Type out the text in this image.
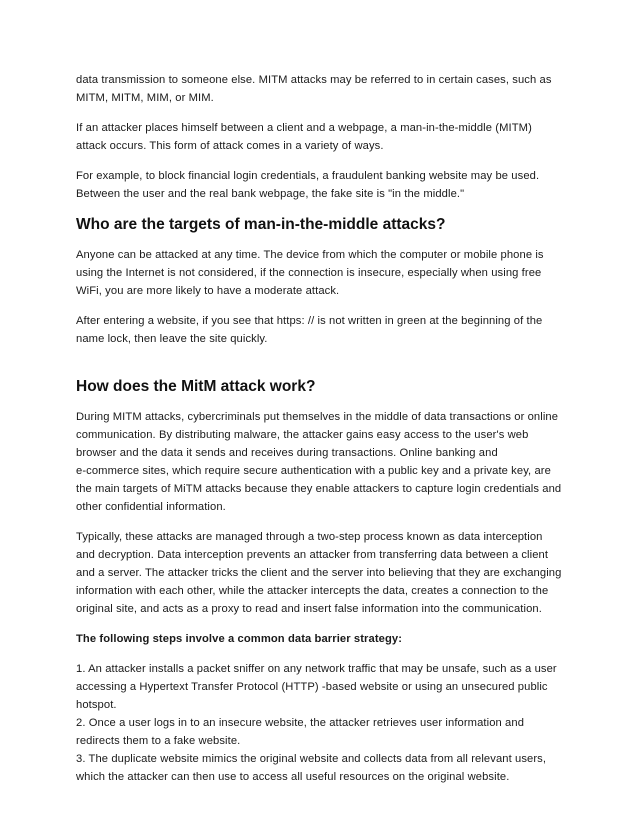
data transmission to someone else. MITM attacks may be referred to in certain cases, such as
MITM, MITM, MIM, or MIM.

If an attacker places himself between a client and a webpage, a man-in-the-middle (MITM)
attack occurs. This form of attack comes in a variety of ways.

For example, to block financial login credentials, a fraudulent banking website may be used.
Between the user and the real bank webpage, the fake site is "in the middle."

Who are the targets of man-in-the-middle attacks?

Anyone can be attacked at any time. The device from which the computer or mobile phone is
using the Internet is not considered, if the connection is insecure, especially when using free
WiFi, you are more likely to have a moderate attack.

After entering a website, if you see that https: // is not written in green at the beginning of the
name lock, then leave the site quickly.

How does the MitM attack work?

During MITM attacks, cybercriminals put themselves in the middle of data transactions or online
communication. By distributing malware, the attacker gains easy access to the user's web
browser and the data it sends and receives during transactions. Online banking and
e-commerce sites, which require secure authentication with a public key and a private key, are
the main targets of MiTM attacks because they enable attackers to capture login credentials and
other confidential information.

Typically, these attacks are managed through a two-step process known as data interception
and decryption. Data interception prevents an attacker from transferring data between a client
and a server. The attacker tricks the client and the server into believing that they are exchanging
information with each other, while the attacker intercepts the data, creates a connection to the
original site, and acts as a proxy to read and insert false information into the communication.

The following steps involve a common data barrier strategy:

1. An attacker installs a packet sniffer on any network traffic that may be unsafe, such as a user
accessing a Hypertext Transfer Protocol (HTTP) -based website or using an unsecured public
hotspot.
2. Once a user logs in to an insecure website, the attacker retrieves user information and
redirects them to a fake website.
3. The duplicate website mimics the original website and collects data from all relevant users,
which the attacker can then use to access all useful resources on the original website.
